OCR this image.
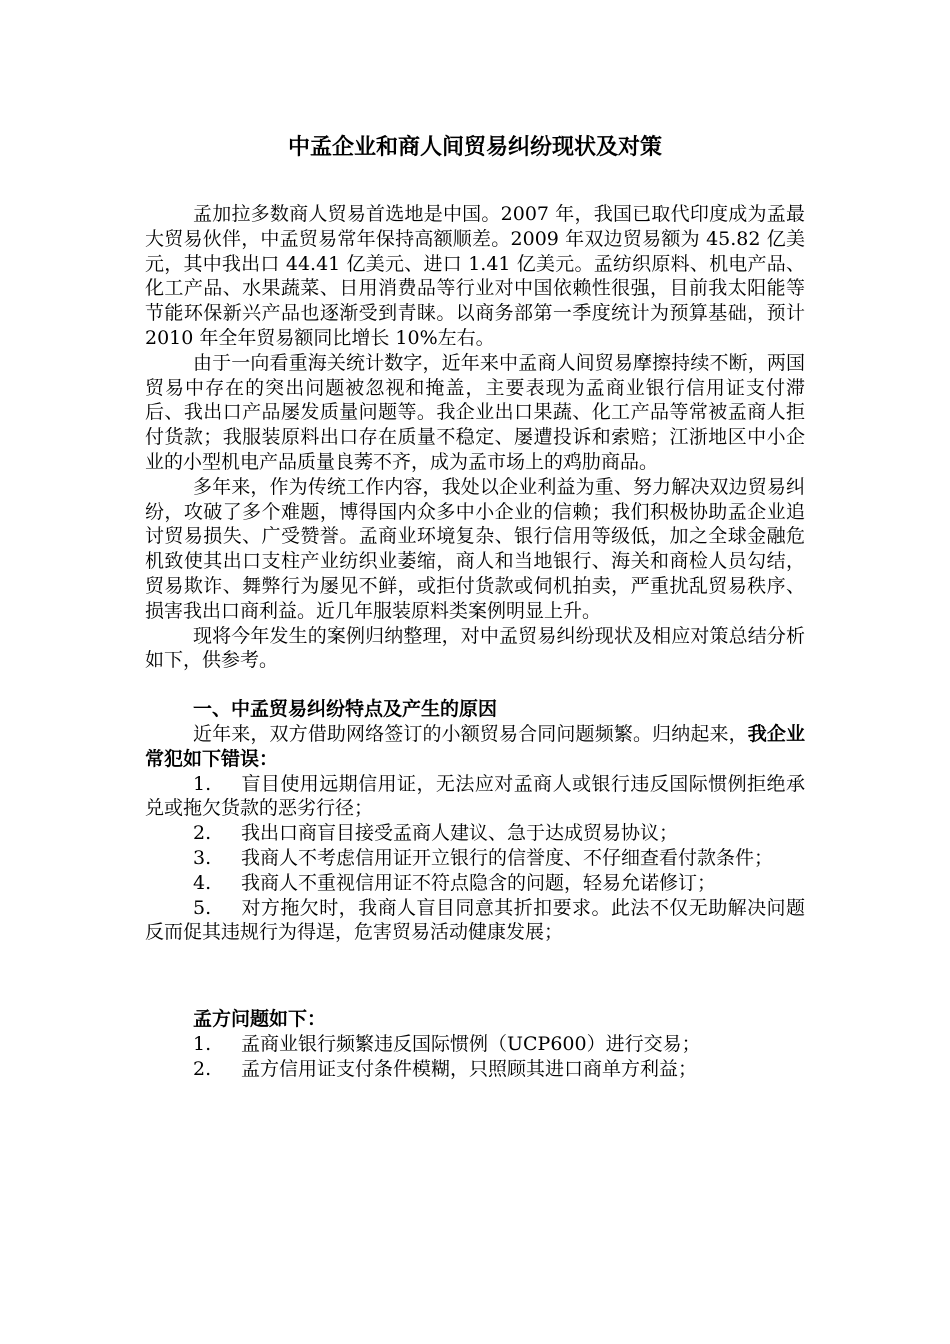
中孟企业和商人间贸易纠纷现状及对策

孟加拉多数商人贸易首选地是中国。2007 年，我国已取代印度成为孟最大贸易伙伴，中孟贸易常年保持高额顺差。2009 年双边贸易额为 45.82 亿美元，其中我出口 44.41 亿美元、进口 1.41 亿美元。孟纺织原料、机电产品、化工产品、水果蔬菜、日用消费品等行业对中国依赖性很强，目前我太阳能等节能环保新兴产品也逐渐受到青睐。以商务部第一季度统计为预算基础，预计 2010 年全年贸易额同比增长 10%左右。

由于一向看重海关统计数字，近年来中孟商人间贸易摩擦持续不断，两国贸易中存在的突出问题被忽视和掩盖，主要表现为孟商业银行信用证支付滞后、我出口产品屡发质量问题等。我企业出口果蔬、化工产品等常被孟商人拒付货款；我服装原料出口存在质量不稳定、屡遭投诉和索赔；江浙地区中小企业的小型机电产品质量良莠不齐，成为孟市场上的鸡肋商品。

多年来，作为传统工作内容，我处以企业利益为重、努力解决双边贸易纠纷，攻破了多个难题，博得国内众多中小企业的信赖；我们积极协助孟企业追讨贸易损失、广受赞誉。孟商业环境复杂、银行信用等级低，加之全球金融危机致使其出口支柱产业纺织业萎缩，商人和当地银行、海关和商检人员勾结，贸易欺诈、舞弊行为屡见不鲜，或拒付货款或伺机拍卖，严重扰乱贸易秩序、损害我出口商利益。近几年服装原料类案例明显上升。

现将今年发生的案例归纳整理，对中孟贸易纠纷现状及相应对策总结分析如下，供参考。

一、中孟贸易纠纷特点及产生的原因

近年来，双方借助网络签订的小额贸易合同问题频繁。归纳起来，我企业常犯如下错误：

1. 盲目使用远期信用证，无法应对孟商人或银行违反国际惯例拒绝承兑或拖欠货款的恶劣行径；

2. 我出口商盲目接受孟商人建议、急于达成贸易协议；

3. 我商人不考虑信用证开立银行的信誉度、不仔细查看付款条件；

4. 我商人不重视信用证不符点隐含的问题，轻易允诺修订；

5. 对方拖欠时，我商人盲目同意其折扣要求。此法不仅无助解决问题反而促其违规行为得逞，危害贸易活动健康发展；

孟方问题如下：

1. 孟商业银行频繁违反国际惯例（UCP600）进行交易；

2. 孟方信用证支付条件模糊，只照顾其进口商单方利益；
